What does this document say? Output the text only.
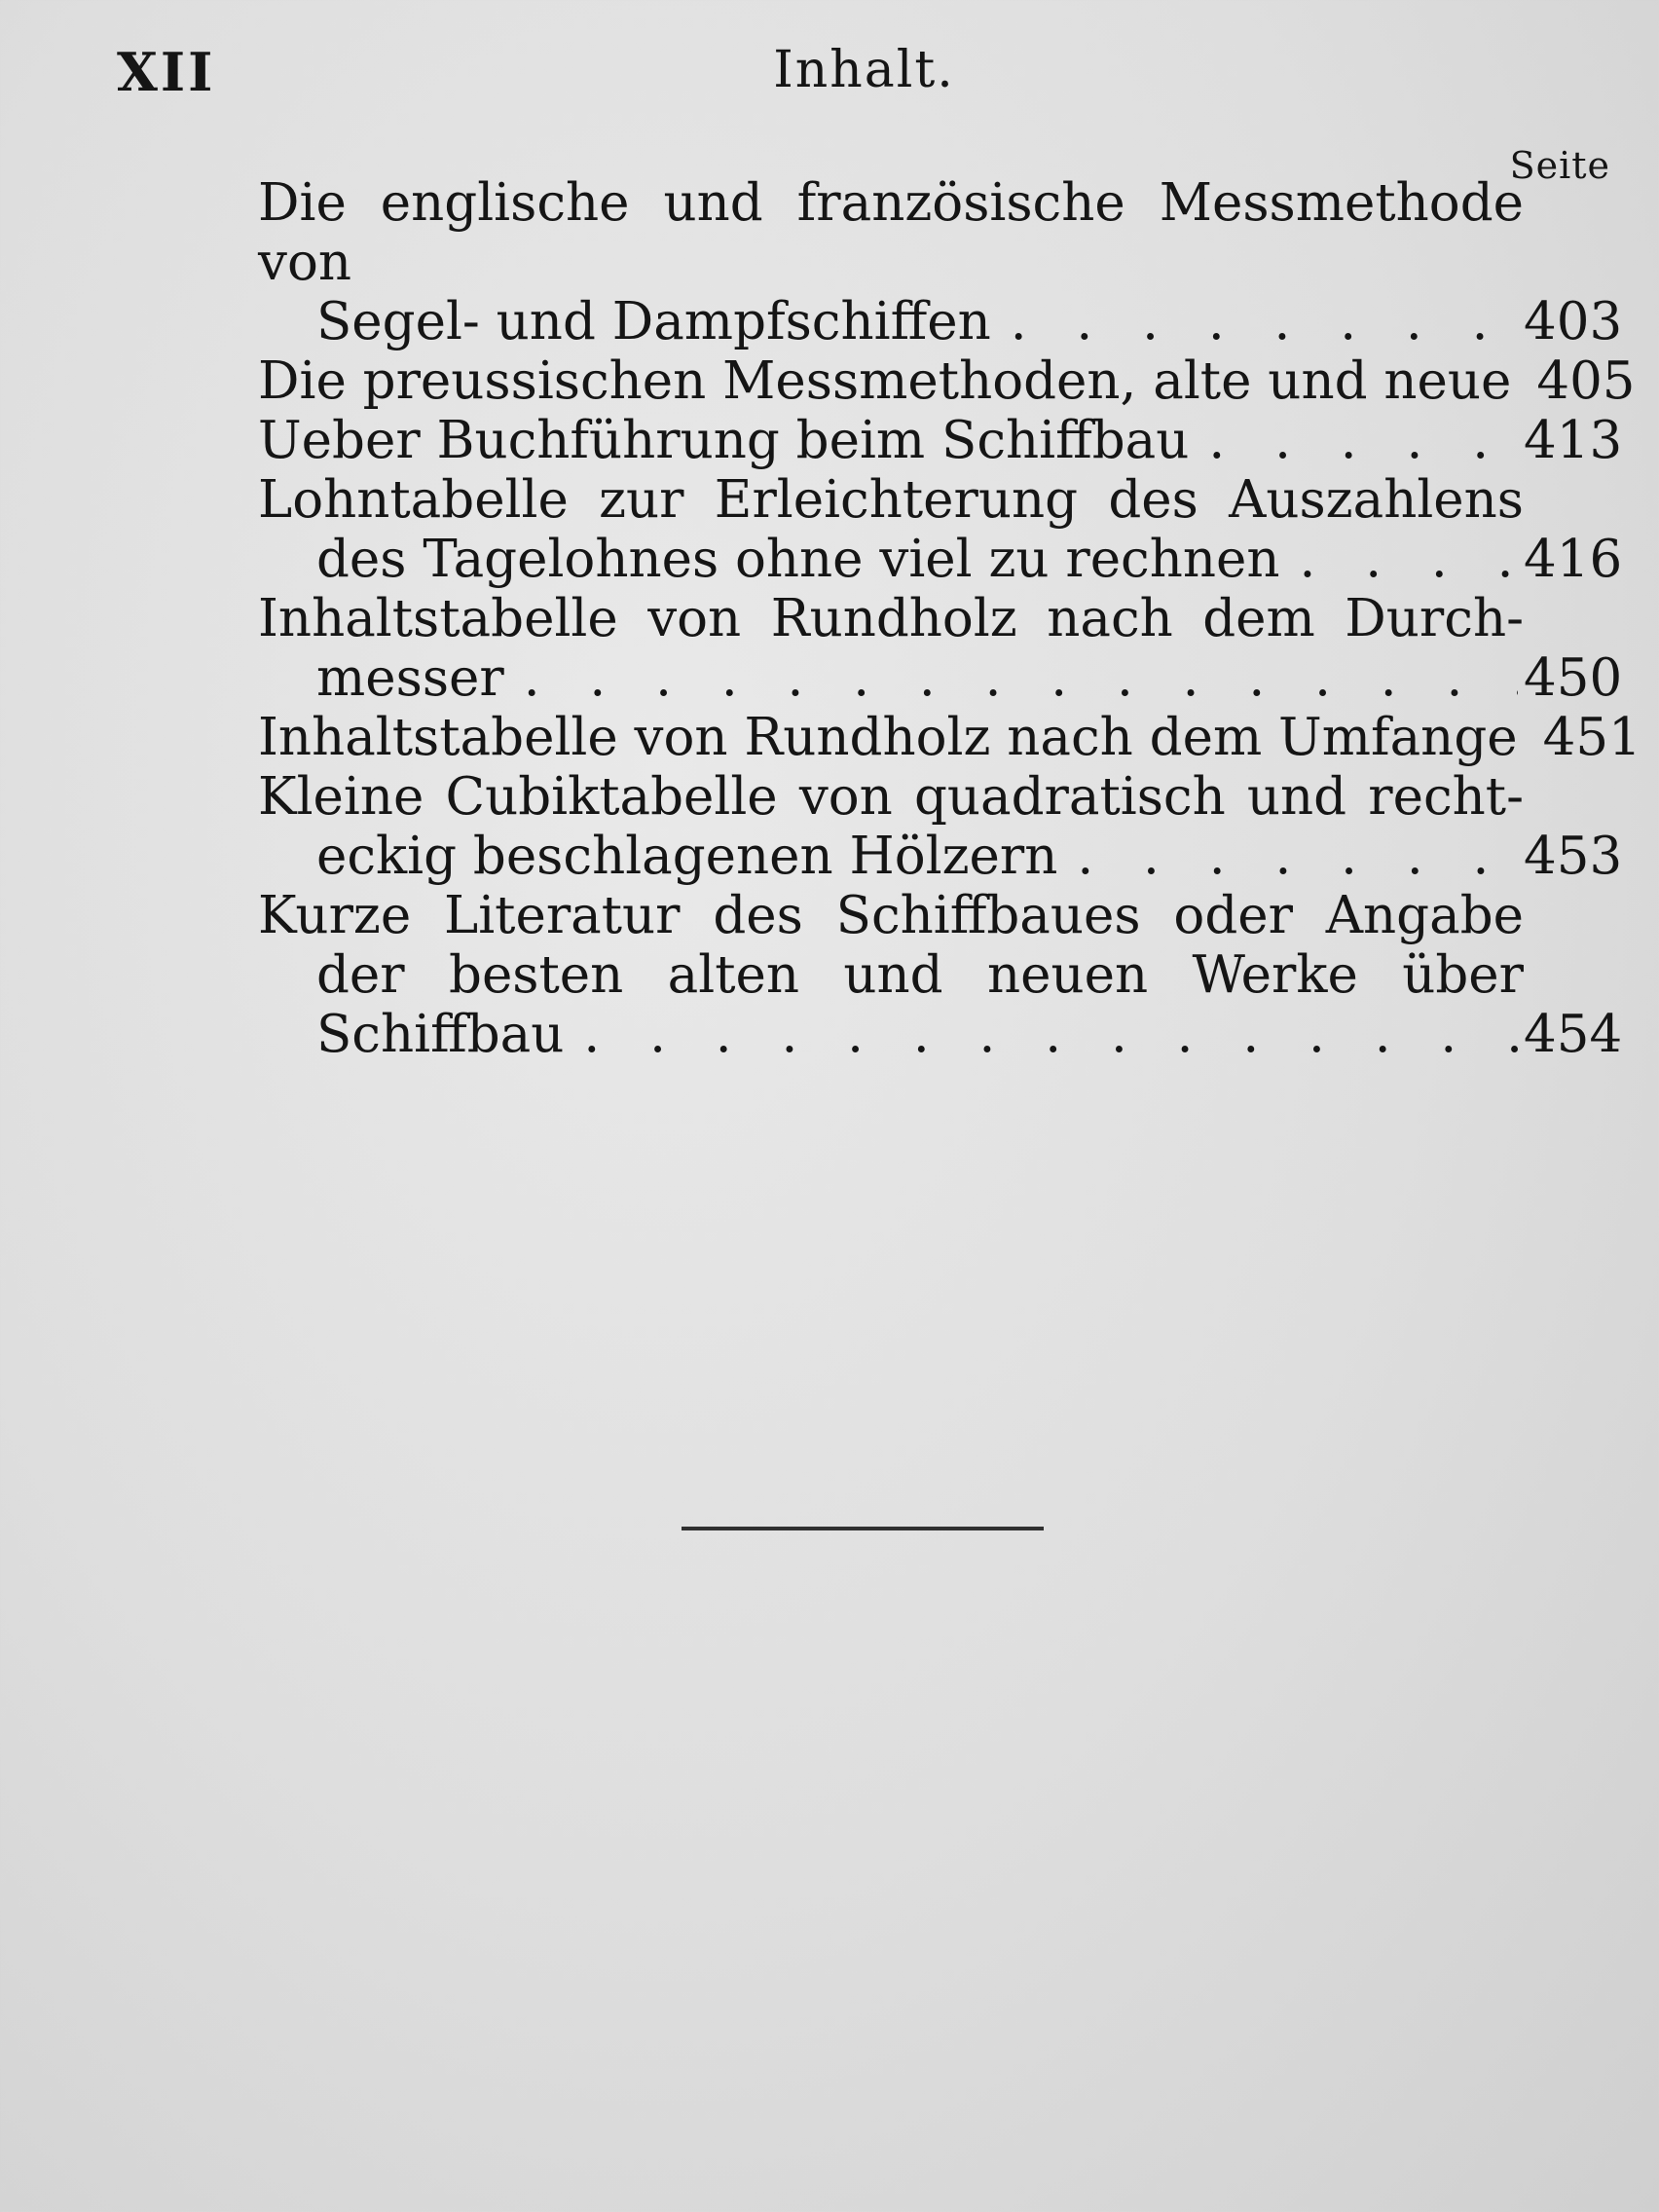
XII	Inhalt.
Seite
Die englische und französische Messmethode von
Segel- und Dampfschiffen . . .	403
Die preussischen Messmethoden, alte und neue . . . 405
Ueber Buchführung beim Schiffbau . . .	413
Lohntabelle zur Erleichterung des Auszahlens
des Tagelohnes ohne viel zu rechnen . . .	416
Inhaltstabelle von Rundholz nach dem Durch-
messer . . .	450
Inhaltstabelle von Rundholz nach dem Umfange . . . 451
Kleine Cubiktabelle von quadratisch und recht-
eckig beschlagenen Hölzern . . .	453
Kurze Literatur des Schiffbaues oder Angabe
der besten alten und neuen Werke über
Schiffbau . . .	454
